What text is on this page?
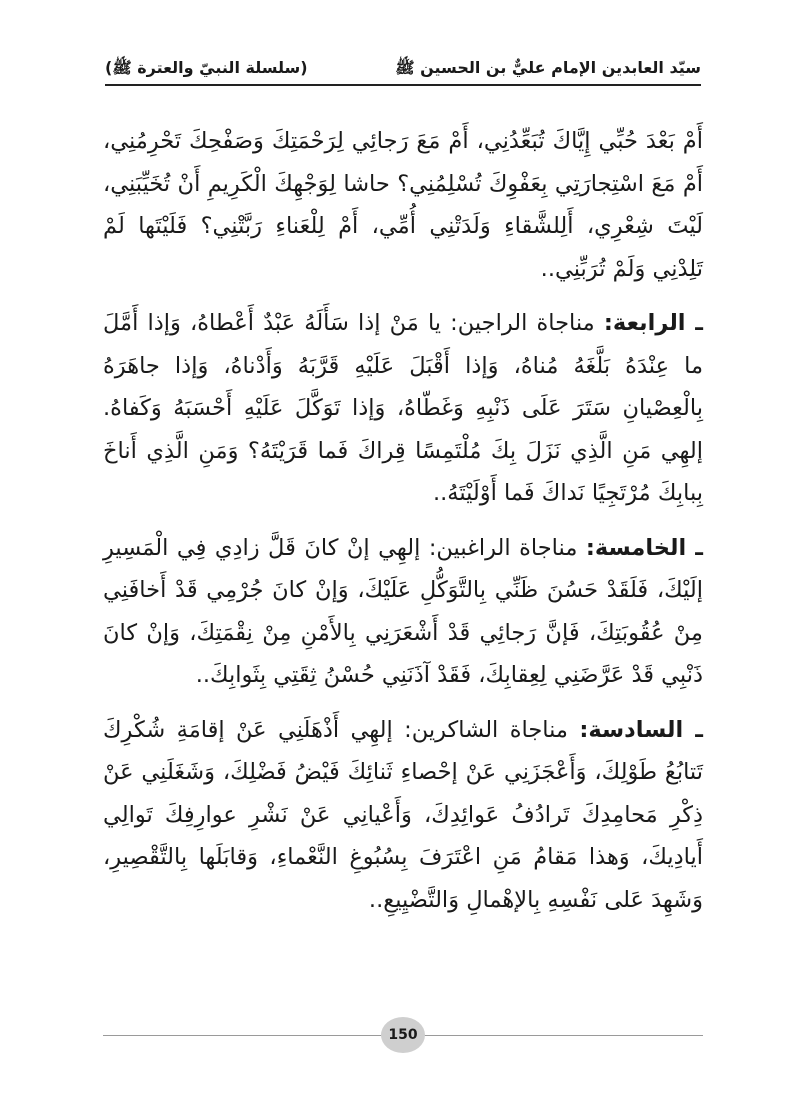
سيّد العابدين الإمام عليٌّ بن الحسين ﷺ
(سلسلة النبيّ والعترة ﷺ)

أَمْ بَعْدَ حُبِّي إِيَّاكَ تُبَعِّدُنِي، أَمْ مَعَ رَجائِي لِرَحْمَتِكَ وَصَفْحِكَ تَحْرِمُنِي، أَمْ مَعَ اسْتِجارَتِي بِعَفْوِكَ تُسْلِمُنِي؟ حاشا لِوَجْهِكَ الْكَرِيمِ أَنْ تُخَيِّبَنِي، لَيْتَ شِعْرِي، أَلِلشَّقاءِ وَلَدَتْنِي أُمِّي، أَمْ لِلْعَناءِ رَبَّتْنِي؟ فَلَيْتَها لَمْ تَلِدْنِي وَلَمْ تُرَبِّنِي..

ـ الرابعة: مناجاة الراجين: يا مَنْ إذا سَأَلَهُ عَبْدٌ أَعْطاهُ، وَإذا أَمَّلَ ما عِنْدَهُ بَلَّغَهُ مُناهُ، وَإذا أَقْبَلَ عَلَيْهِ قَرَّبَهُ وَأَدْناهُ، وَإذا جاهَرَهُ بِالْعِصْيانِ سَتَرَ عَلَى ذَنْبِهِ وَغَطّاهُ، وَإذا تَوَكَّلَ عَلَيْهِ أَحْسَبَهُ وَكَفاهُ. إلهِي مَنِ الَّذِي نَزَلَ بِكَ مُلْتَمِسًا قِراكَ فَما قَرَيْتَهُ؟ وَمَنِ الَّذِي أَناخَ بِبابِكَ مُرْتَجِيًا نَداكَ فَما أَوْلَيْتَهُ..

ـ الخامسة: مناجاة الراغبين: إلهِي إنْ كانَ قَلَّ زادِي فِي الْمَسِيرِ إلَيْكَ، فَلَقَدْ حَسُنَ ظَنِّي بِالتَّوَكُّلِ عَلَيْكَ، وَإنْ كانَ جُرْمِي قَدْ أَخافَنِي مِنْ عُقُوبَتِكَ، فَإنَّ رَجائِي قَدْ أَشْعَرَنِي بِالأَمْنِ مِنْ نِقْمَتِكَ، وَإنْ كانَ ذَنْبِي قَدْ عَرَّضَنِي لِعِقابِكَ، فَقَدْ آذَنَنِي حُسْنُ ثِقَتِي بِثَوابِكَ..

ـ السادسة: مناجاة الشاكرين: إلهِي أَذْهَلَنِي عَنْ إقامَةِ شُكْرِكَ تَتابُعُ طَوْلِكَ، وَأَعْجَزَنِي عَنْ إحْصاءِ ثَنائِكَ فَيْضُ فَضْلِكَ، وَشَغَلَنِي عَنْ ذِكْرِ مَحامِدِكَ تَرادُفُ عَوائِدِكَ، وَأَعْيانِي عَنْ نَشْرِ عوارِفِكَ تَوالِي أَيادِيكَ، وَهذا مَقامُ مَنِ اعْتَرَفَ بِسُبُوغِ النَّعْماءِ، وَقابَلَها بِالتَّقْصِيرِ، وَشَهِدَ عَلى نَفْسِهِ بِالإهْمالِ وَالتَّضْيِيعِ..

150
